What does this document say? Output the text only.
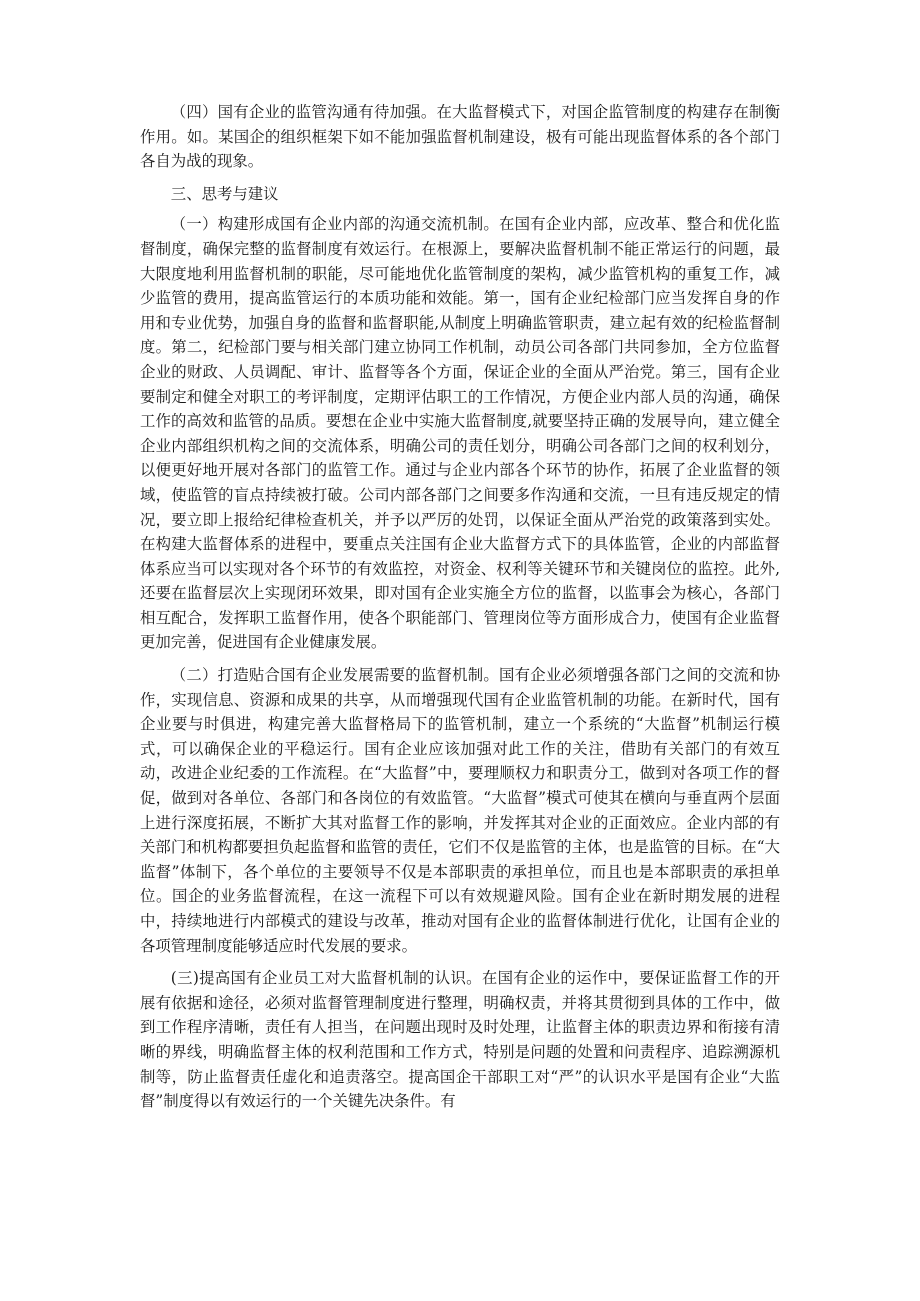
（四）国有企业的监管沟通有待加强。在大监督模式下，对国企监管制度的构建存在制衡作用。如。某国企的组织框架下如不能加强监督机制建设，极有可能出现监督体系的各个部门各自为战的现象。

三、思考与建议

（一）构建形成国有企业内部的沟通交流机制。在国有企业内部，应改革、整合和优化监督制度，确保完整的监督制度有效运行。在根源上，要解决监督机制不能正常运行的问题，最大限度地利用监督机制的职能，尽可能地优化监管制度的架构，减少监管机构的重复工作，减少监管的费用，提高监管运行的本质功能和效能。第一，国有企业纪检部门应当发挥自身的作用和专业优势，加强自身的监督和监督职能,从制度上明确监管职责，建立起有效的纪检监督制度。第二，纪检部门要与相关部门建立协同工作机制，动员公司各部门共同参加，全方位监督企业的财政、人员调配、审计、监督等各个方面，保证企业的全面从严治党。第三，国有企业要制定和健全对职工的考评制度，定期评估职工的工作情况，方便企业内部人员的沟通，确保工作的高效和监管的品质。要想在企业中实施大监督制度,就要坚持正确的发展导向，建立健全企业内部组织机构之间的交流体系，明确公司的责任划分，明确公司各部门之间的权利划分，以便更好地开展对各部门的监管工作。通过与企业内部各个环节的协作，拓展了企业监督的领域，使监管的盲点持续被打破。公司内部各部门之间要多作沟通和交流，一旦有违反规定的情况，要立即上报给纪律检查机关，并予以严厉的处罚，以保证全面从严治党的政策落到实处。在构建大监督体系的进程中，要重点关注国有企业大监督方式下的具体监管，企业的内部监督体系应当可以实现对各个环节的有效监控，对资金、权利等关键环节和关键岗位的监控。此外,还要在监督层次上实现闭环效果，即对国有企业实施全方位的监督，以监事会为核心，各部门相互配合，发挥职工监督作用，使各个职能部门、管理岗位等方面形成合力，使国有企业监督更加完善，促进国有企业健康发展。

（二）打造贴合国有企业发展需要的监督机制。国有企业必须增强各部门之间的交流和协作，实现信息、资源和成果的共享，从而增强现代国有企业监管机制的功能。在新时代，国有企业要与时俱进，构建完善大监督格局下的监管机制，建立一个系统的“大监督”机制运行模式，可以确保企业的平稳运行。国有企业应该加强对此工作的关注，借助有关部门的有效互动，改进企业纪委的工作流程。在“大监督”中，要理顺权力和职责分工，做到对各项工作的督促，做到对各单位、各部门和各岗位的有效监管。“大监督”模式可使其在横向与垂直两个层面上进行深度拓展，不断扩大其对监督工作的影响，并发挥其对企业的正面效应。企业内部的有关部门和机构都要担负起监督和监管的责任，它们不仅是监管的主体，也是监管的目标。在“大监督”体制下，各个单位的主要领导不仅是本部职责的承担单位，而且也是本部职责的承担单位。国企的业务监督流程，在这一流程下可以有效规避风险。国有企业在新时期发展的进程中，持续地进行内部模式的建设与改革，推动对国有企业的监督体制进行优化，让国有企业的各项管理制度能够适应时代发展的要求。

(三)提高国有企业员工对大监督机制的认识。在国有企业的运作中，要保证监督工作的开展有依据和途径，必须对监督管理制度进行整理，明确权责，并将其贯彻到具体的工作中，做到工作程序清晰，责任有人担当，在问题出现时及时处理，让监督主体的职责边界和衔接有清晰的界线，明确监督主体的权利范围和工作方式，特别是问题的处置和问责程序、追踪溯源机制等，防止监督责任虚化和追责落空。提高国企干部职工对“严”的认识水平是国有企业“大监督”制度得以有效运行的一个关键先决条件。有
